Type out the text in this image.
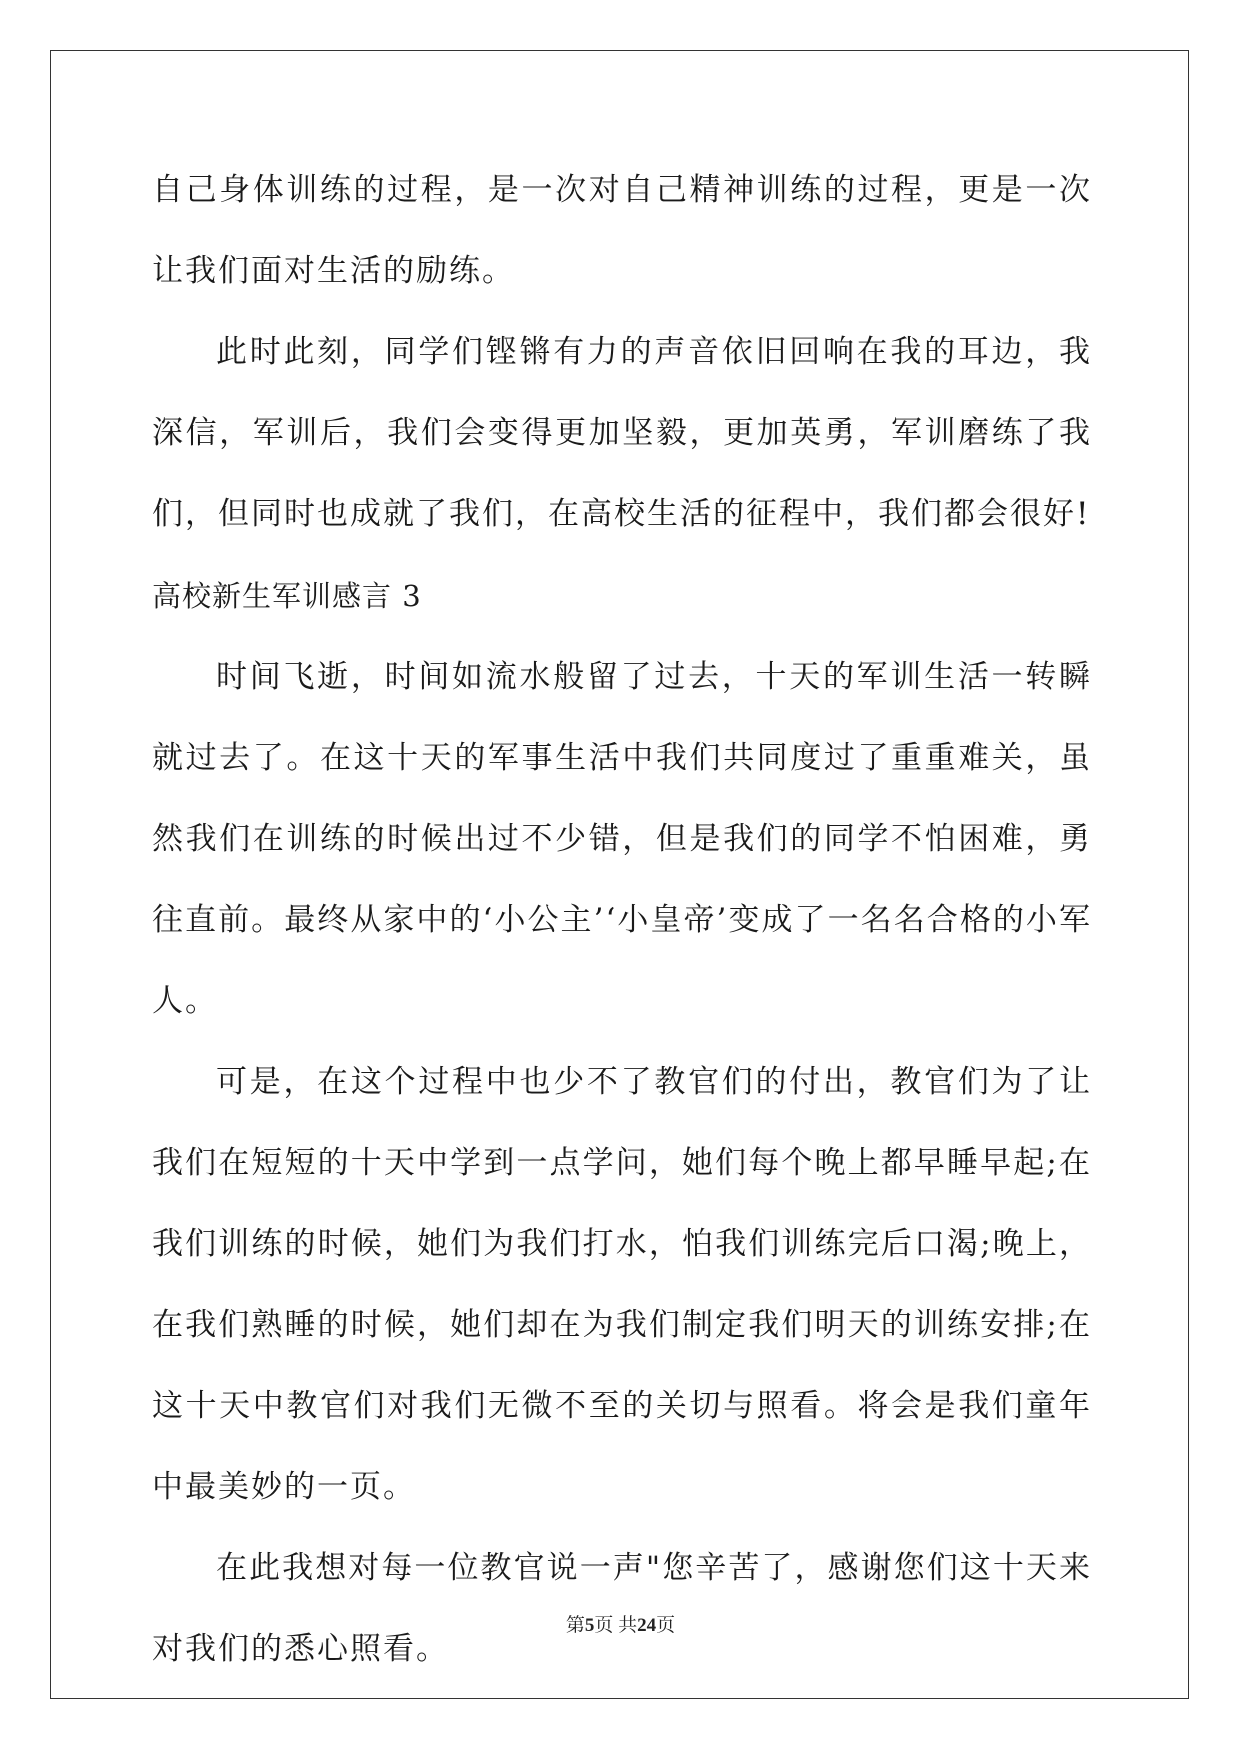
自己身体训练的过程，是一次对自己精神训练的过程，更是一次让我们面对生活的励练。

此时此刻，同学们铿锵有力的声音依旧回响在我的耳边，我深信，军训后，我们会变得更加坚毅，更加英勇，军训磨练了我们，但同时也成就了我们，在高校生活的征程中，我们都会很好!

高校新生军训感言 3

时间飞逝，时间如流水般留了过去，十天的军训生活一转瞬就过去了。在这十天的军事生活中我们共同度过了重重难关，虽然我们在训练的时候出过不少错，但是我们的同学不怕困难，勇往直前。最终从家中的‘小公主’‘小皇帝’变成了一名名合格的小军人。

可是，在这个过程中也少不了教官们的付出，教官们为了让我们在短短的十天中学到一点学问，她们每个晚上都早睡早起;在我们训练的时候，她们为我们打水，怕我们训练完后口渴;晚上，在我们熟睡的时候，她们却在为我们制定我们明天的训练安排;在这十天中教官们对我们无微不至的关切与照看。将会是我们童年中最美妙的一页。

在此我想对每一位教官说一声"您辛苦了，感谢您们这十天来对我们的悉心照看。

第5页 共24页
